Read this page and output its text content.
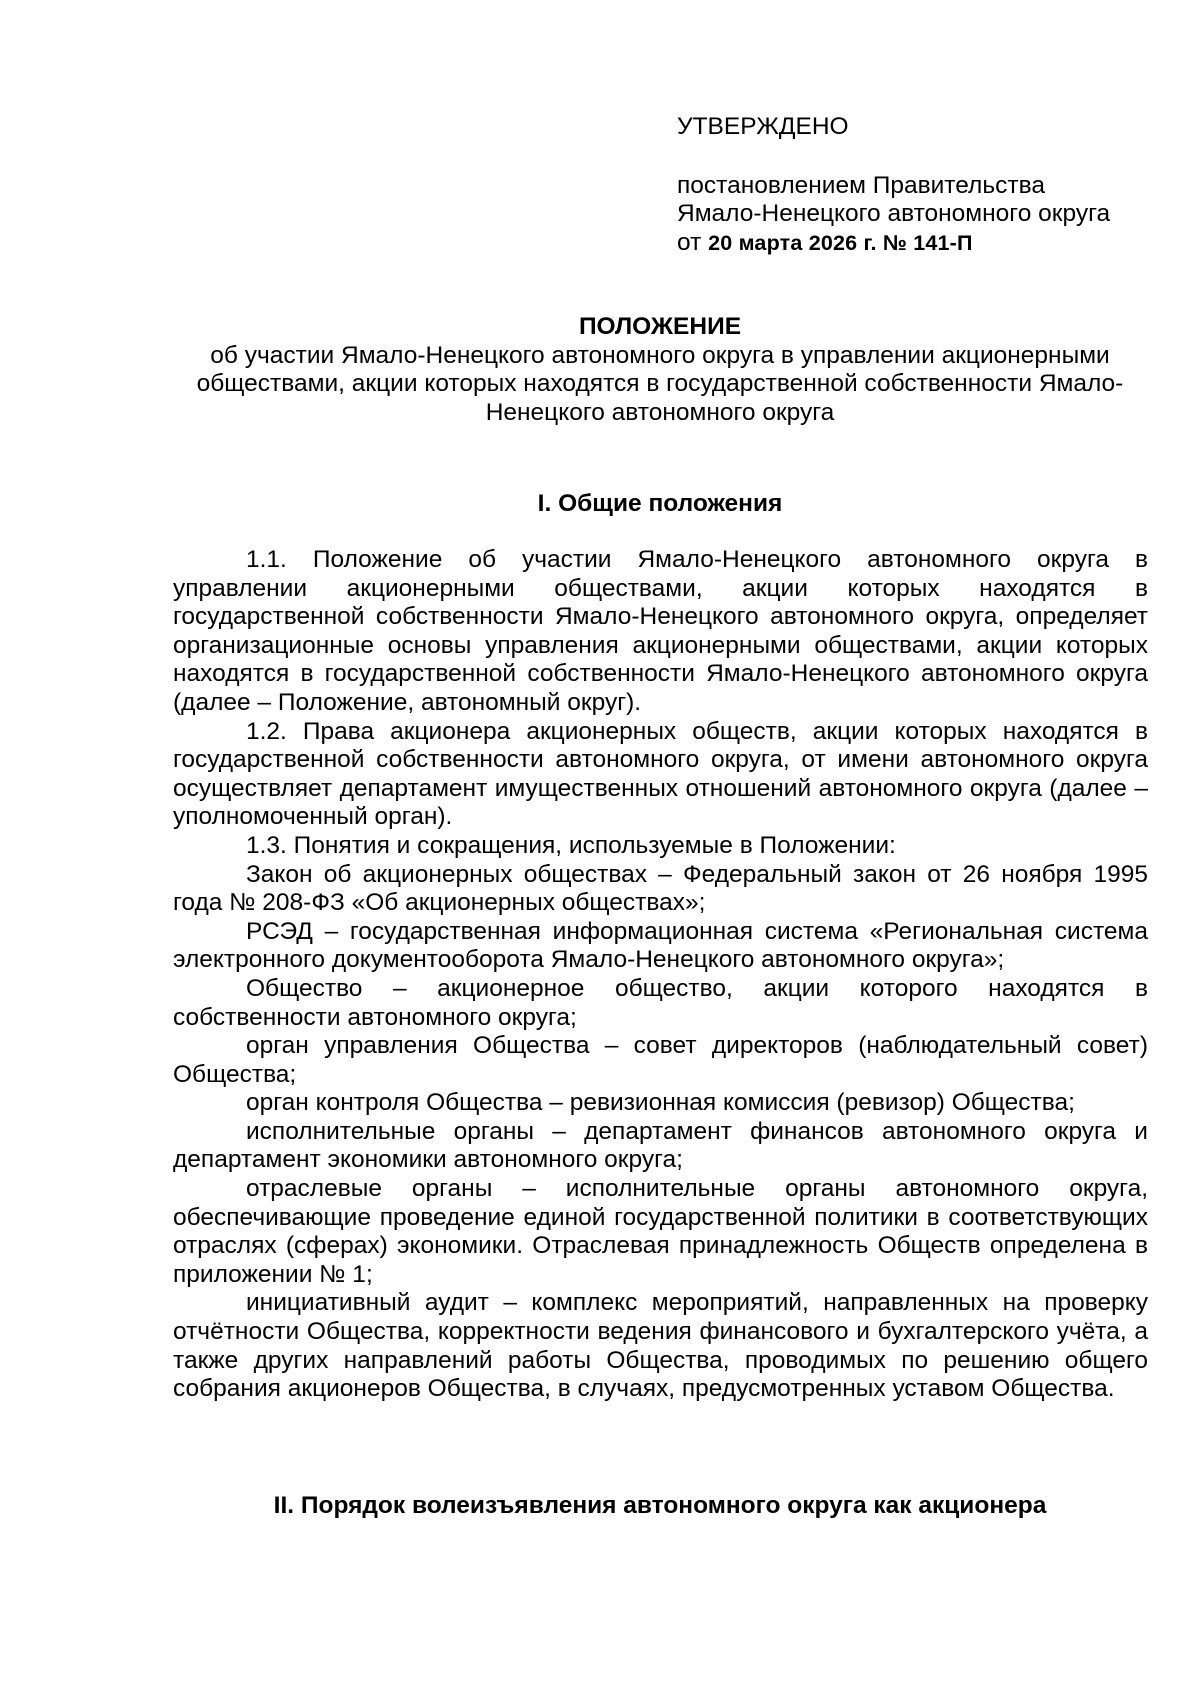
УТВЕРЖДЕНО
постановлением Правительства
Ямало-Ненецкого автономного округа
от 20 марта 2026 г. № 141-П
ПОЛОЖЕНИЕ
об участии Ямало-Ненецкого автономного округа в управлении акционерными обществами, акции которых находятся в государственной собственности Ямало-Ненецкого автономного округа
I. Общие положения

1.1. Положение об участии Ямало-Ненецкого автономного округа в управлении акционерными обществами, акции которых находятся в государственной собственности Ямало-Ненецкого автономного округа, определяет организационные основы управления акционерными обществами, акции которых находятся в государственной собственности Ямало-Ненецкого автономного округа (далее – Положение, автономный округ).

1.2. Права акционера акционерных обществ, акции которых находятся в государственной собственности автономного округа, от имени автономного округа осуществляет департамент имущественных отношений автономного округа (далее – уполномоченный орган).

1.3. Понятия и сокращения, используемые в Положении:

Закон об акционерных обществах – Федеральный закон от 26 ноября 1995 года № 208-ФЗ «Об акционерных обществах»;

РСЭД – государственная информационная система «Региональная система электронного документооборота Ямало-Ненецкого автономного округа»;

Общество – акционерное общество, акции которого находятся в собственности автономного округа;

орган управления Общества – совет директоров (наблюдательный совет) Общества;

орган контроля Общества – ревизионная комиссия (ревизор) Общества;

исполнительные органы – департамент финансов автономного округа и департамент экономики автономного округа;

отраслевые органы – исполнительные органы автономного округа, обеспечивающие проведение единой государственной политики в соответствующих отраслях (сферах) экономики. Отраслевая принадлежность Обществ определена в приложении № 1;

инициативный аудит – комплекс мероприятий, направленных на проверку отчётности Общества, корректности ведения финансового и бухгалтерского учёта, а также других направлений работы Общества, проводимых по решению общего собрания акционеров Общества, в случаях, предусмотренных уставом Общества.

II. Порядок волеизъявления автономного округа как акционера
